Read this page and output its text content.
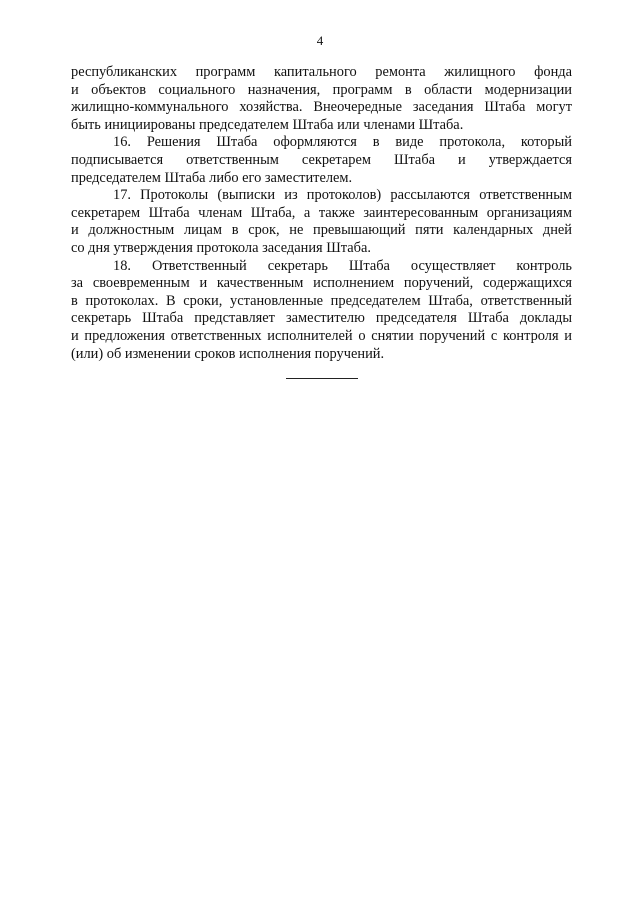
4

республиканских программ капитального ремонта жилищного фонда
и объектов социального назначения, программ в области модернизации
жилищно-коммунального хозяйства. Внеочередные заседания Штаба могут
быть инициированы председателем Штаба или членами Штаба.

16. Решения Штаба оформляются в виде протокола, который
подписывается ответственным секретарем Штаба и утверждается
председателем Штаба либо его заместителем.

17. Протоколы (выписки из протоколов) рассылаются ответственным
секретарем Штаба членам Штаба, а также заинтересованным организациям
и должностным лицам в срок, не превышающий пяти календарных дней
со дня утверждения протокола заседания Штаба.

18. Ответственный секретарь Штаба осуществляет контроль
за своевременным и качественным исполнением поручений, содержащихся
в протоколах. В сроки, установленные председателем Штаба, ответственный
секретарь Штаба представляет заместителю председателя Штаба доклады
и предложения ответственных исполнителей о снятии поручений с контроля и
(или) об изменении сроков исполнения поручений.
